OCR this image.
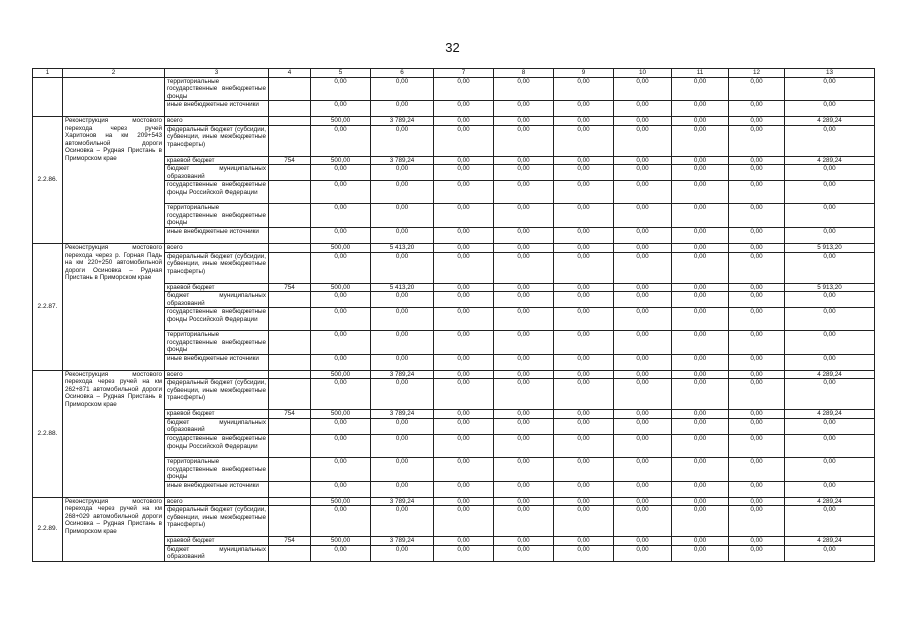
32
1	2	3	4	5	6	7	8	9	10	11	12	13
		территориальные государственные внебюджетные фонды		0,00	0,00	0,00	0,00	0,00	0,00	0,00	0,00	0,00
		иные внебюджетные источники		0,00	0,00	0,00	0,00	0,00	0,00	0,00	0,00	0,00
2.2.86.	Реконструкция мостового перехода через ручей Харитонов на км 209+543 автомобильной дороги Осиновка – Рудная Пристань в Приморском крае	всего		500,00	3 789,24	0,00	0,00	0,00	0,00	0,00	0,00	4 289,24
		федеральный бюджет (субсидии, субвенции, иные межбюджетные трансферты)		0,00	0,00	0,00	0,00	0,00	0,00	0,00	0,00	0,00
		краевой бюджет	754	500,00	3 789,24	0,00	0,00	0,00	0,00	0,00	0,00	4 289,24
		бюджет муниципальных образований		0,00	0,00	0,00	0,00	0,00	0,00	0,00	0,00	0,00
		государственные внебюджетные фонды Российской Федерации		0,00	0,00	0,00	0,00	0,00	0,00	0,00	0,00	0,00
		территориальные государственные внебюджетные фонды		0,00	0,00	0,00	0,00	0,00	0,00	0,00	0,00	0,00
		иные внебюджетные источники		0,00	0,00	0,00	0,00	0,00	0,00	0,00	0,00	0,00
2.2.87.	Реконструкция мостового перехода через р. Горная Падь на км 220+250 автомобильной дороги Осиновка – Рудная Пристань в Приморском крае	всего		500,00	5 413,20	0,00	0,00	0,00	0,00	0,00	0,00	5 913,20
		федеральный бюджет (субсидии, субвенции, иные межбюджетные трансферты)		0,00	0,00	0,00	0,00	0,00	0,00	0,00	0,00	0,00
		краевой бюджет	754	500,00	5 413,20	0,00	0,00	0,00	0,00	0,00	0,00	5 913,20
		бюджет муниципальных образований		0,00	0,00	0,00	0,00	0,00	0,00	0,00	0,00	0,00
		государственные внебюджетные фонды Российской Федерации		0,00	0,00	0,00	0,00	0,00	0,00	0,00	0,00	0,00
		территориальные государственные внебюджетные фонды		0,00	0,00	0,00	0,00	0,00	0,00	0,00	0,00	0,00
		иные внебюджетные источники		0,00	0,00	0,00	0,00	0,00	0,00	0,00	0,00	0,00
2.2.88.	Реконструкция мостового перехода через ручей на км 262+871 автомобильной дороги Осиновка – Рудная Пристань в Приморском крае	всего		500,00	3 789,24	0,00	0,00	0,00	0,00	0,00	0,00	4 289,24
		федеральный бюджет (субсидии, субвенции, иные межбюджетные трансферты)		0,00	0,00	0,00	0,00	0,00	0,00	0,00	0,00	0,00
		краевой бюджет	754	500,00	3 789,24	0,00	0,00	0,00	0,00	0,00	0,00	4 289,24
		бюджет муниципальных образований		0,00	0,00	0,00	0,00	0,00	0,00	0,00	0,00	0,00
		государственные внебюджетные фонды Российской Федерации		0,00	0,00	0,00	0,00	0,00	0,00	0,00	0,00	0,00
		территориальные государственные внебюджетные фонды		0,00	0,00	0,00	0,00	0,00	0,00	0,00	0,00	0,00
		иные внебюджетные источники		0,00	0,00	0,00	0,00	0,00	0,00	0,00	0,00	0,00
2.2.89.	Реконструкция мостового перехода через ручей на км 268+029 автомобильной дороги Осиновка – Рудная Пристань в Приморском крае	всего		500,00	3 789,24	0,00	0,00	0,00	0,00	0,00	0,00	4 289,24
		федеральный бюджет (субсидии, субвенции, иные межбюджетные трансферты)		0,00	0,00	0,00	0,00	0,00	0,00	0,00	0,00	0,00
		краевой бюджет	754	500,00	3 789,24	0,00	0,00	0,00	0,00	0,00	0,00	4 289,24
		бюджет муниципальных образований		0,00	0,00	0,00	0,00	0,00	0,00	0,00	0,00	0,00
